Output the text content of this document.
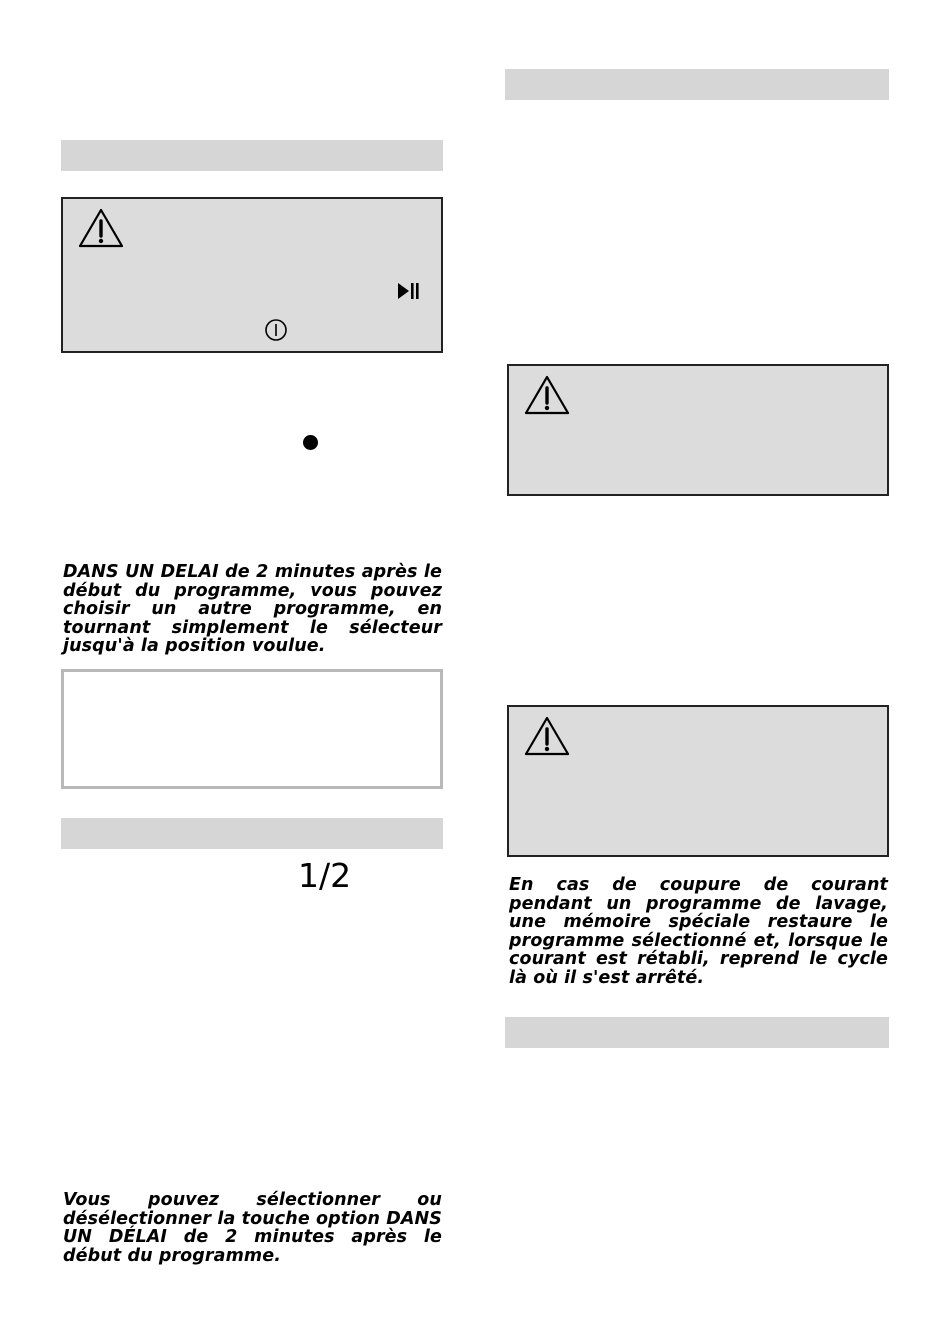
DANS UN DELAI de 2 minutes après le début du programme, vous pouvez choisir un autre programme, en tournant simplement le sélecteur jusqu'à la position voulue.

1/2

Vous pouvez sélectionner ou désélectionner la touche option DANS UN DÉLAI de 2 minutes après le début du programme.

En cas de coupure de courant pendant un programme de lavage, une mémoire spéciale restaure le programme sélectionné et, lorsque le courant est rétabli, reprend le cycle là où il s'est arrêté.
